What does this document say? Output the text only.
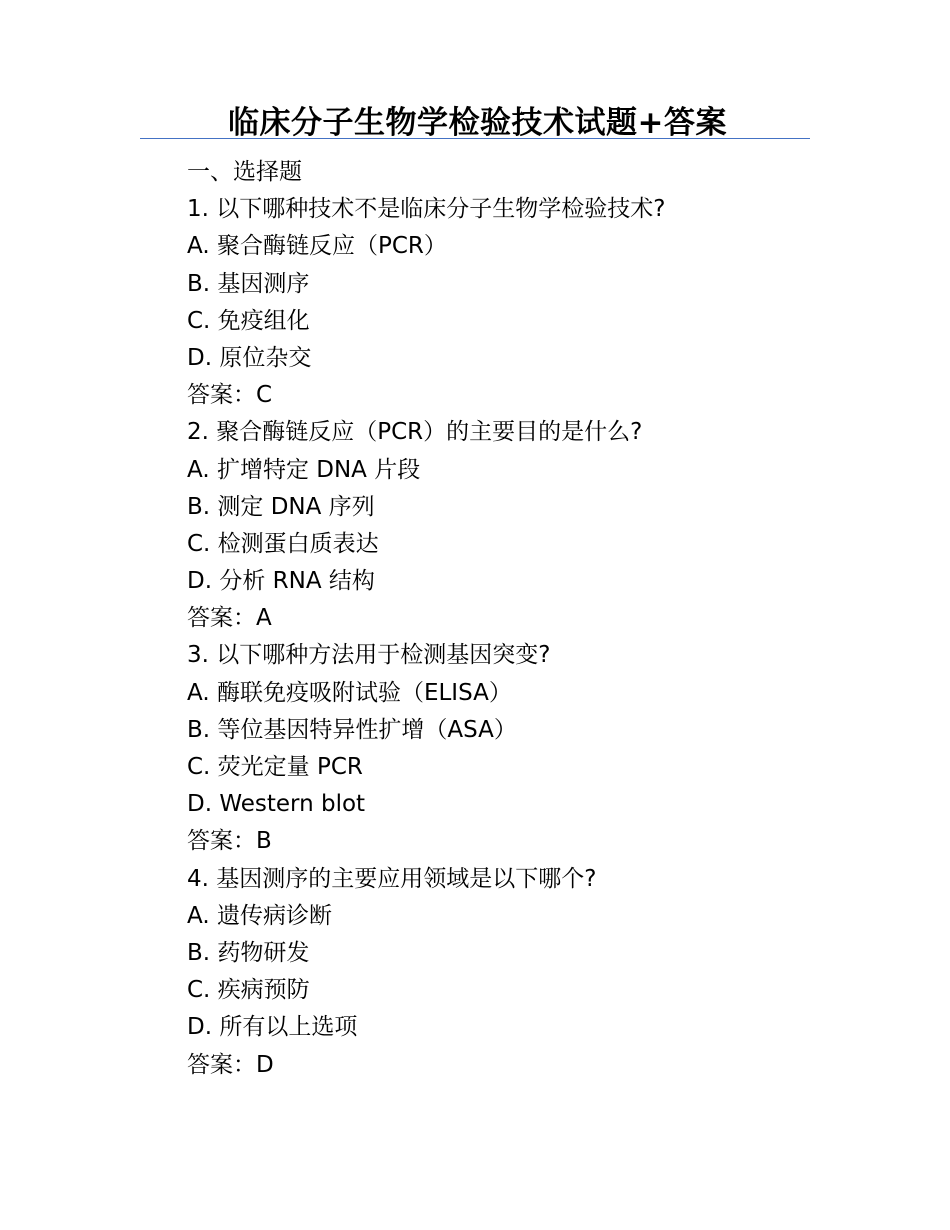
临床分子生物学检验技术试题+答案
一、选择题
1. 以下哪种技术不是临床分子生物学检验技术?
A. 聚合酶链反应（PCR）
B. 基因测序
C. 免疫组化
D. 原位杂交
答案：C
2. 聚合酶链反应（PCR）的主要目的是什么?
A. 扩增特定 DNA 片段
B. 测定 DNA 序列
C. 检测蛋白质表达
D. 分析 RNA 结构
答案：A
3. 以下哪种方法用于检测基因突变?
A. 酶联免疫吸附试验（ELISA）
B. 等位基因特异性扩增（ASA）
C. 荧光定量 PCR
D. Western blot
答案：B
4. 基因测序的主要应用领域是以下哪个?
A. 遗传病诊断
B. 药物研发
C. 疾病预防
D. 所有以上选项
答案：D
